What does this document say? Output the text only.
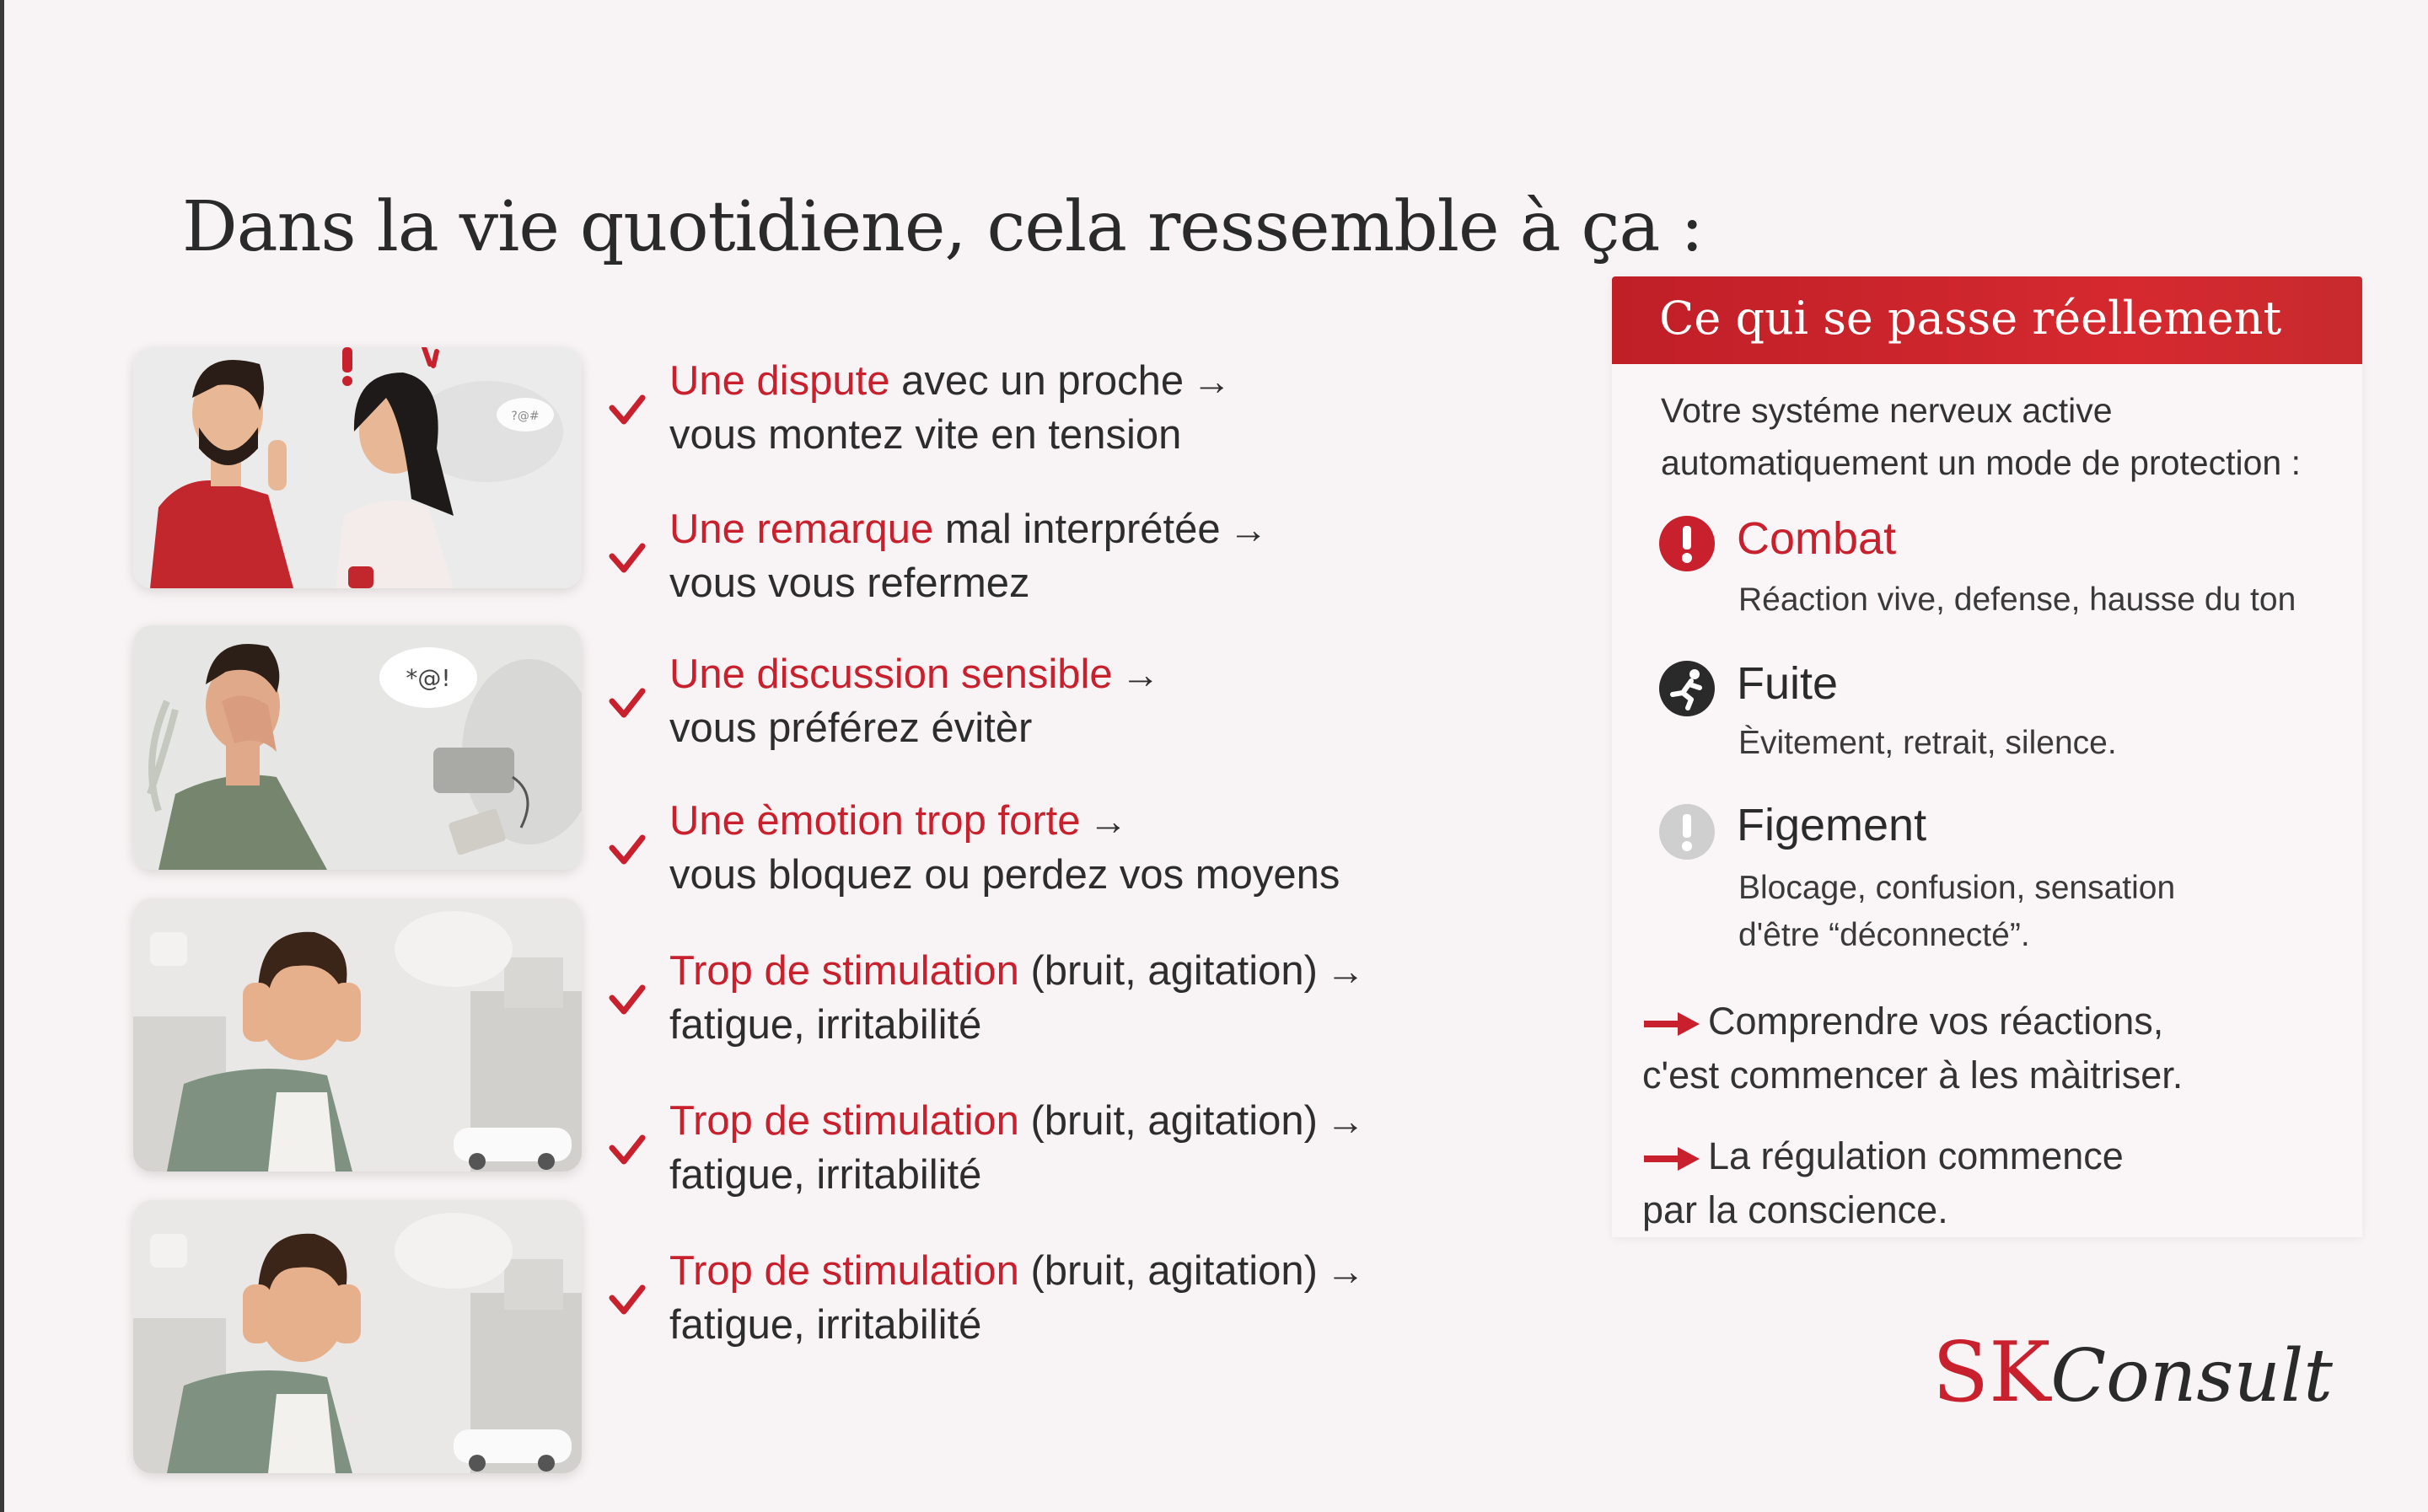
Dans la vie quotidiene, cela ressemble à ça :
?@#
*@!
Une dispute avec un proche →
vous montez vite en tension
Une remarque mal interprétée →
vous vous refermez
Une discussion sensible →
vous préférez évitèr
Une èmotion trop forte →
vous bloquez ou perdez vos moyens
Trop de stimulation (bruit, agitation) →
fatigue, irritabilité
Trop de stimulation (bruit, agitation) →
fatigue, irritabilité
Trop de stimulation (bruit, agitation) →
fatigue, irritabilité
Ce qui se passe réellement
Votre systéme nerveux active
automatiquement un mode de protection :
Combat
Réaction vive, defense, hausse du ton
Fuite
Èvitement, retrait, silence.
Figement
Blocage, confusion, sensation
d'être “déconnecté”.
Comprendre vos réactions,
c'est commencer à les màitriser.
La régulation commence
par la conscience.
SKConsult
